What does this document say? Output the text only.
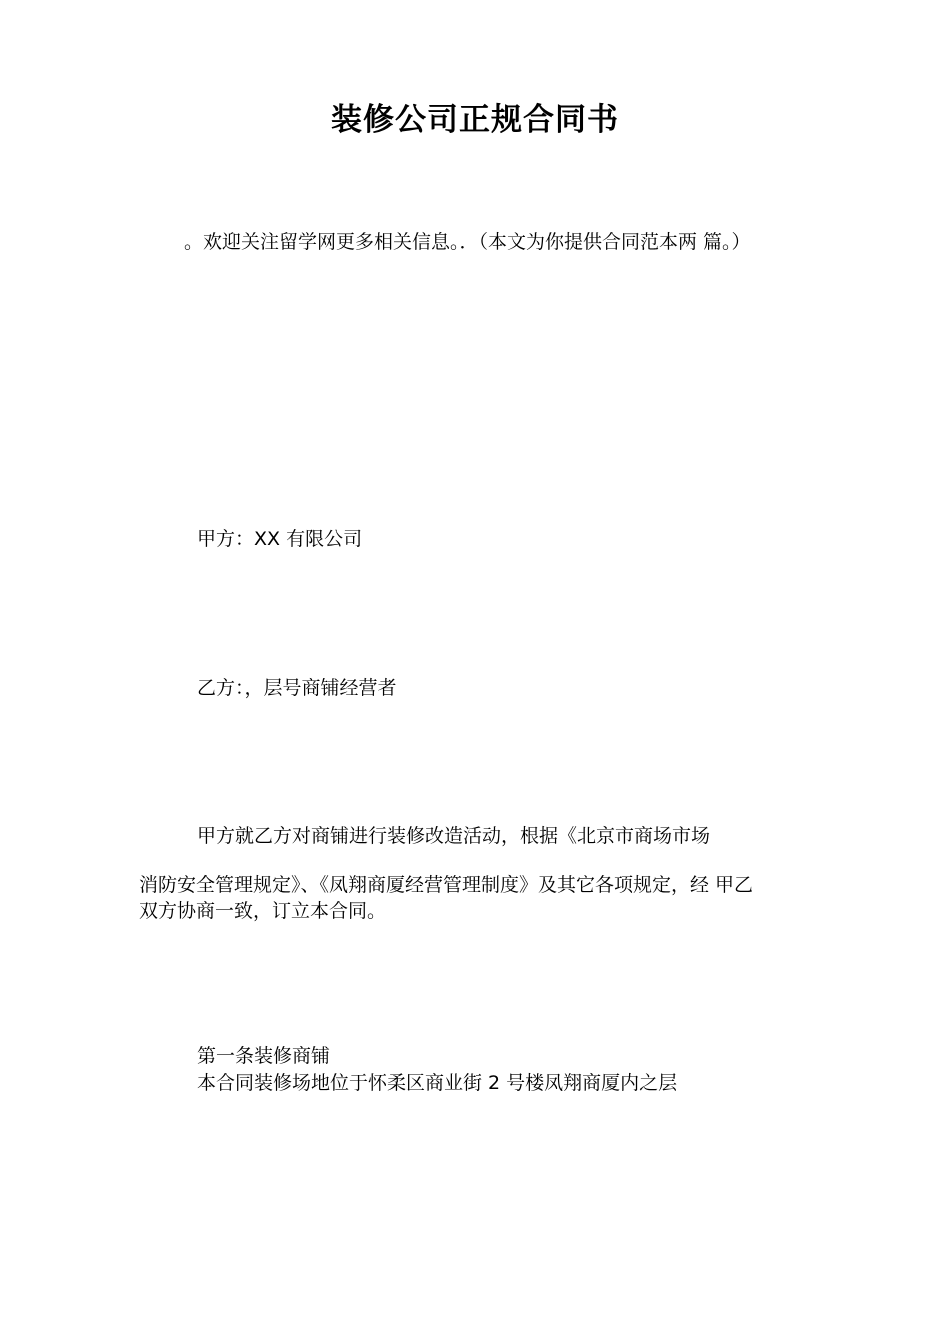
装修公司正规合同书
。欢迎关注留学网更多相关信息。．（本文为你提供合同范本两 篇。）
甲方：XX 有限公司
乙方：，层号商铺经营者
甲方就乙方对商铺进行装修改造活动，根据《北京市商场市场
消防安全管理规定》、《凤翔商厦经营管理制度》及其它各项规定，经 甲乙
双方协商一致，订立本合同。
第一条装修商铺
本合同装修场地位于怀柔区商业街 2 号楼凤翔商厦内之层
